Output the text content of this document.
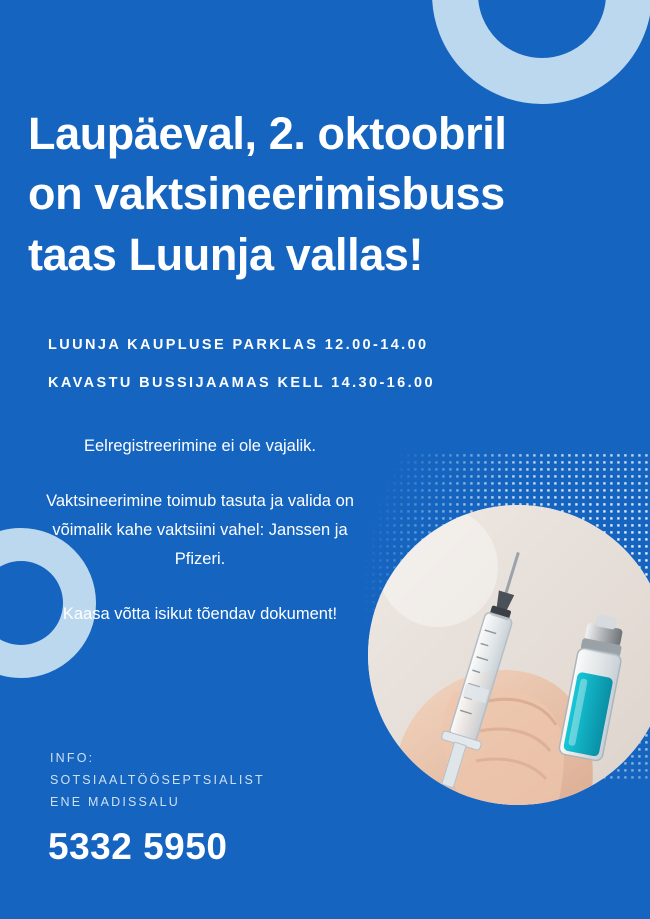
Laupäeval, 2. oktoobril
on vaktsineerimisbuss
taas Luunja vallas!
LUUNJA KAUPLUSE PARKLAS 12.00-14.00
KAVASTU BUSSIJAAMAS KELL 14.30-16.00

Eelregistreerimine ei ole vajalik.

Vaktsineerimine toimub tasuta ja valida on võimalik kahe vaktsiini vahel: Janssen ja Pfizeri.

Kaasa võtta isikut tõendav dokument!

INFO:
SOTSIAALTÖÖSEPTSIALIST
ENE MADISSALU
5332 5950
